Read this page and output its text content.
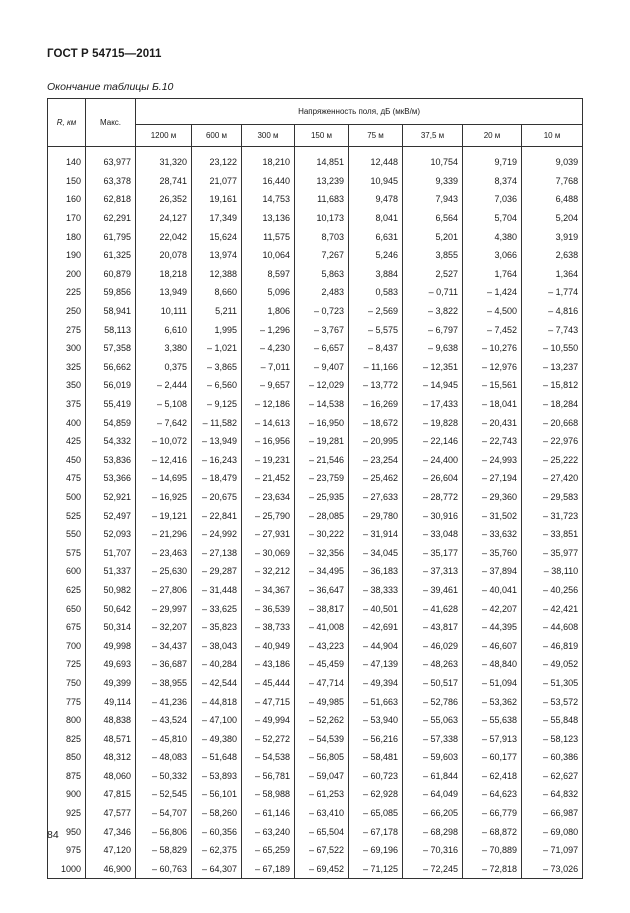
ГОСТ Р 54715—2011
Окончание таблицы Б.10
R, км	Макс.	Напряженность поля, дБ (мкВ/м)							
		1200 м	600 м	300 м	150 м	75 м	37,5 м	20 м	10 м

140	63,977	31,320	23,122	18,210	14,851	12,448	10,754	9,719	9,039
150	63,378	28,741	21,077	16,440	13,239	10,945	9,339	8,374	7,768
160	62,818	26,352	19,161	14,753	11,683	9,478	7,943	7,036	6,488
170	62,291	24,127	17,349	13,136	10,173	8,041	6,564	5,704	5,204
180	61,795	22,042	15,624	11,575	8,703	6,631	5,201	4,380	3,919
190	61,325	20,078	13,974	10,064	7,267	5,246	3,855	3,066	2,638
200	60,879	18,218	12,388	8,597	5,863	3,884	2,527	1,764	1,364
225	59,856	13,949	8,660	5,096	2,483	0,583	– 0,711	– 1,424	– 1,774
250	58,941	10,111	5,211	1,806	– 0,723	– 2,569	– 3,822	– 4,500	– 4,816
275	58,113	6,610	1,995	– 1,296	– 3,767	– 5,575	– 6,797	– 7,452	– 7,743
300	57,358	3,380	– 1,021	– 4,230	– 6,657	– 8,437	– 9,638	– 10,276	– 10,550
325	56,662	0,375	– 3,865	– 7,011	– 9,407	– 11,166	– 12,351	– 12,976	– 13,237
350	56,019	– 2,444	– 6,560	– 9,657	– 12,029	– 13,772	– 14,945	– 15,561	– 15,812
375	55,419	– 5,108	– 9,125	– 12,186	– 14,538	– 16,269	– 17,433	– 18,041	– 18,284
400	54,859	– 7,642	– 11,582	– 14,613	– 16,950	– 18,672	– 19,828	– 20,431	– 20,668
425	54,332	– 10,072	– 13,949	– 16,956	– 19,281	– 20,995	– 22,146	– 22,743	– 22,976
450	53,836	– 12,416	– 16,243	– 19,231	– 21,546	– 23,254	– 24,400	– 24,993	– 25,222
475	53,366	– 14,695	– 18,479	– 21,452	– 23,759	– 25,462	– 26,604	– 27,194	– 27,420
500	52,921	– 16,925	– 20,675	– 23,634	– 25,935	– 27,633	– 28,772	– 29,360	– 29,583
525	52,497	– 19,121	– 22,841	– 25,790	– 28,085	– 29,780	– 30,916	– 31,502	– 31,723
550	52,093	– 21,296	– 24,992	– 27,931	– 30,222	– 31,914	– 33,048	– 33,632	– 33,851
575	51,707	– 23,463	– 27,138	– 30,069	– 32,356	– 34,045	– 35,177	– 35,760	– 35,977
600	51,337	– 25,630	– 29,287	– 32,212	– 34,495	– 36,183	– 37,313	– 37,894	– 38,110
625	50,982	– 27,806	– 31,448	– 34,367	– 36,647	– 38,333	– 39,461	– 40,041	– 40,256
650	50,642	– 29,997	– 33,625	– 36,539	– 38,817	– 40,501	– 41,628	– 42,207	– 42,421
675	50,314	– 32,207	– 35,823	– 38,733	– 41,008	– 42,691	– 43,817	– 44,395	– 44,608
700	49,998	– 34,437	– 38,043	– 40,949	– 43,223	– 44,904	– 46,029	– 46,607	– 46,819
725	49,693	– 36,687	– 40,284	– 43,186	– 45,459	– 47,139	– 48,263	– 48,840	– 49,052
750	49,399	– 38,955	– 42,544	– 45,444	– 47,714	– 49,394	– 50,517	– 51,094	– 51,305
775	49,114	– 41,236	– 44,818	– 47,715	– 49,985	– 51,663	– 52,786	– 53,362	– 53,572
800	48,838	– 43,524	– 47,100	– 49,994	– 52,262	– 53,940	– 55,063	– 55,638	– 55,848
825	48,571	– 45,810	– 49,380	– 52,272	– 54,539	– 56,216	– 57,338	– 57,913	– 58,123
850	48,312	– 48,083	– 51,648	– 54,538	– 56,805	– 58,481	– 59,603	– 60,177	– 60,386
875	48,060	– 50,332	– 53,893	– 56,781	– 59,047	– 60,723	– 61,844	– 62,418	– 62,627
900	47,815	– 52,545	– 56,101	– 58,988	– 61,253	– 62,928	– 64,049	– 64,623	– 64,832
925	47,577	– 54,707	– 58,260	– 61,146	– 63,410	– 65,085	– 66,205	– 66,779	– 66,987
950	47,346	– 56,806	– 60,356	– 63,240	– 65,504	– 67,178	– 68,298	– 68,872	– 69,080
975	47,120	– 58,829	– 62,375	– 65,259	– 67,522	– 69,196	– 70,316	– 70,889	– 71,097
1000	46,900	– 60,763	– 64,307	– 67,189	– 69,452	– 71,125	– 72,245	– 72,818	– 73,026
84
